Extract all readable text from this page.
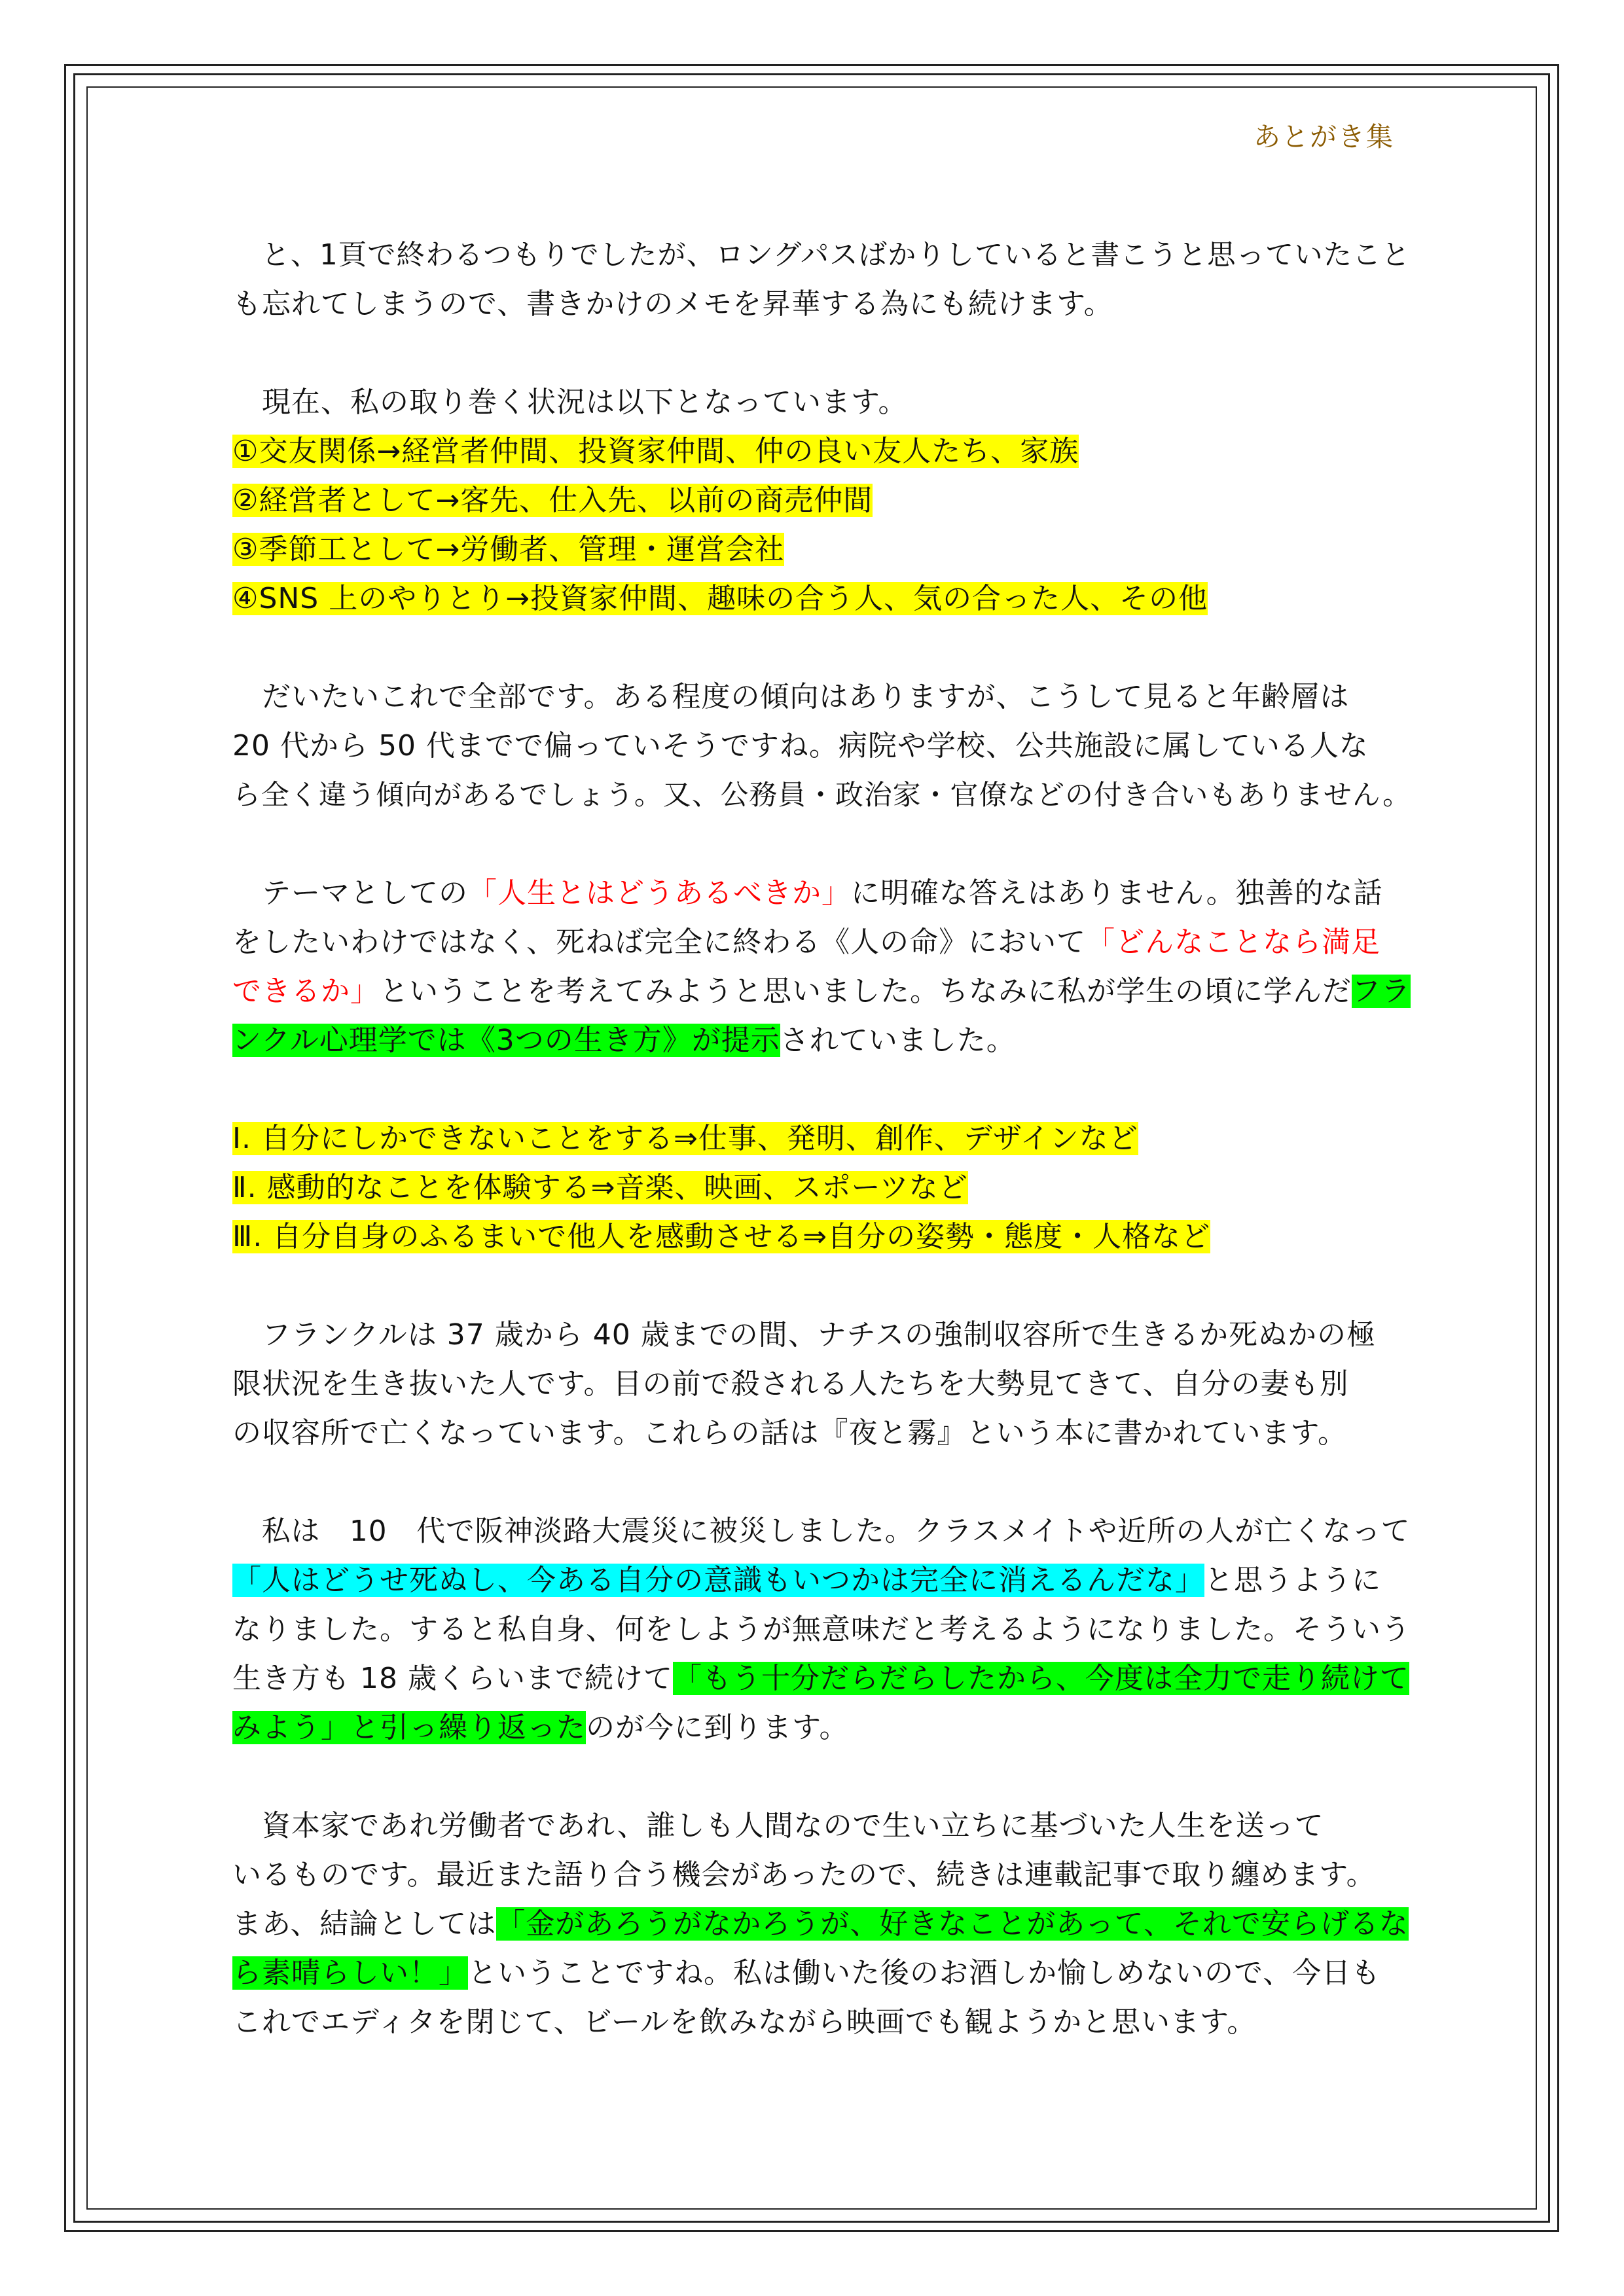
あとがき集
　と、1頁で終わるつもりでしたが、ロングパスばかりしていると書こうと思っていたこと
も忘れてしまうので、書きかけのメモを昇華する為にも続けます。
　現在、私の取り巻く状況は以下となっています。
①交友関係→経営者仲間、投資家仲間、仲の良い友人たち、家族
②経営者として→客先、仕入先、以前の商売仲間
③季節工として→労働者、管理・運営会社
④SNS 上のやりとり→投資家仲間、趣味の合う人、気の合った人、その他
　だいたいこれで全部です。ある程度の傾向はありますが、こうして見ると年齢層は
20 代から 50 代までで偏っていそうですね。病院や学校、公共施設に属している人な
ら全く違う傾向があるでしょう。又、公務員・政治家・官僚などの付き合いもありません。
　テーマとしての「人生とはどうあるべきか」に明確な答えはありません。独善的な話
をしたいわけではなく、死ねば完全に終わる《人の命》において「どんなことなら満足
できるか」ということを考えてみようと思いました。ちなみに私が学生の頃に学んだフラ
ンクル心理学では《3つの生き方》が提示されていました。
Ⅰ. 自分にしかできないことをする⇒仕事、発明、創作、デザインなど
Ⅱ. 感動的なことを体験する⇒音楽、映画、スポーツなど
Ⅲ. 自分自身のふるまいで他人を感動させる⇒自分の姿勢・態度・人格など
　フランクルは 37 歳から 40 歳までの間、ナチスの強制収容所で生きるか死ぬかの極
限状況を生き抜いた人です。目の前で殺される人たちを大勢見てきて、自分の妻も別
の収容所で亡くなっています。これらの話は『夜と霧』という本に書かれています。
　私は　10　代で阪神淡路大震災に被災しました。クラスメイトや近所の人が亡くなって
「人はどうせ死ぬし、今ある自分の意識もいつかは完全に消えるんだな」と思うように
なりました。すると私自身、何をしようが無意味だと考えるようになりました。そういう
生き方も 18 歳くらいまで続けて「もう十分だらだらしたから、今度は全力で走り続けて
みよう」と引っ繰り返ったのが今に到ります。
　資本家であれ労働者であれ、誰しも人間なので生い立ちに基づいた人生を送って
いるものです。最近また語り合う機会があったので、続きは連載記事で取り纏めます。
まあ、結論としては「金があろうがなかろうが、好きなことがあって、それで安らげるな
ら素晴らしい！」ということですね。私は働いた後のお酒しか愉しめないので、今日も
これでエディタを閉じて、ビールを飲みながら映画でも観ようかと思います。
